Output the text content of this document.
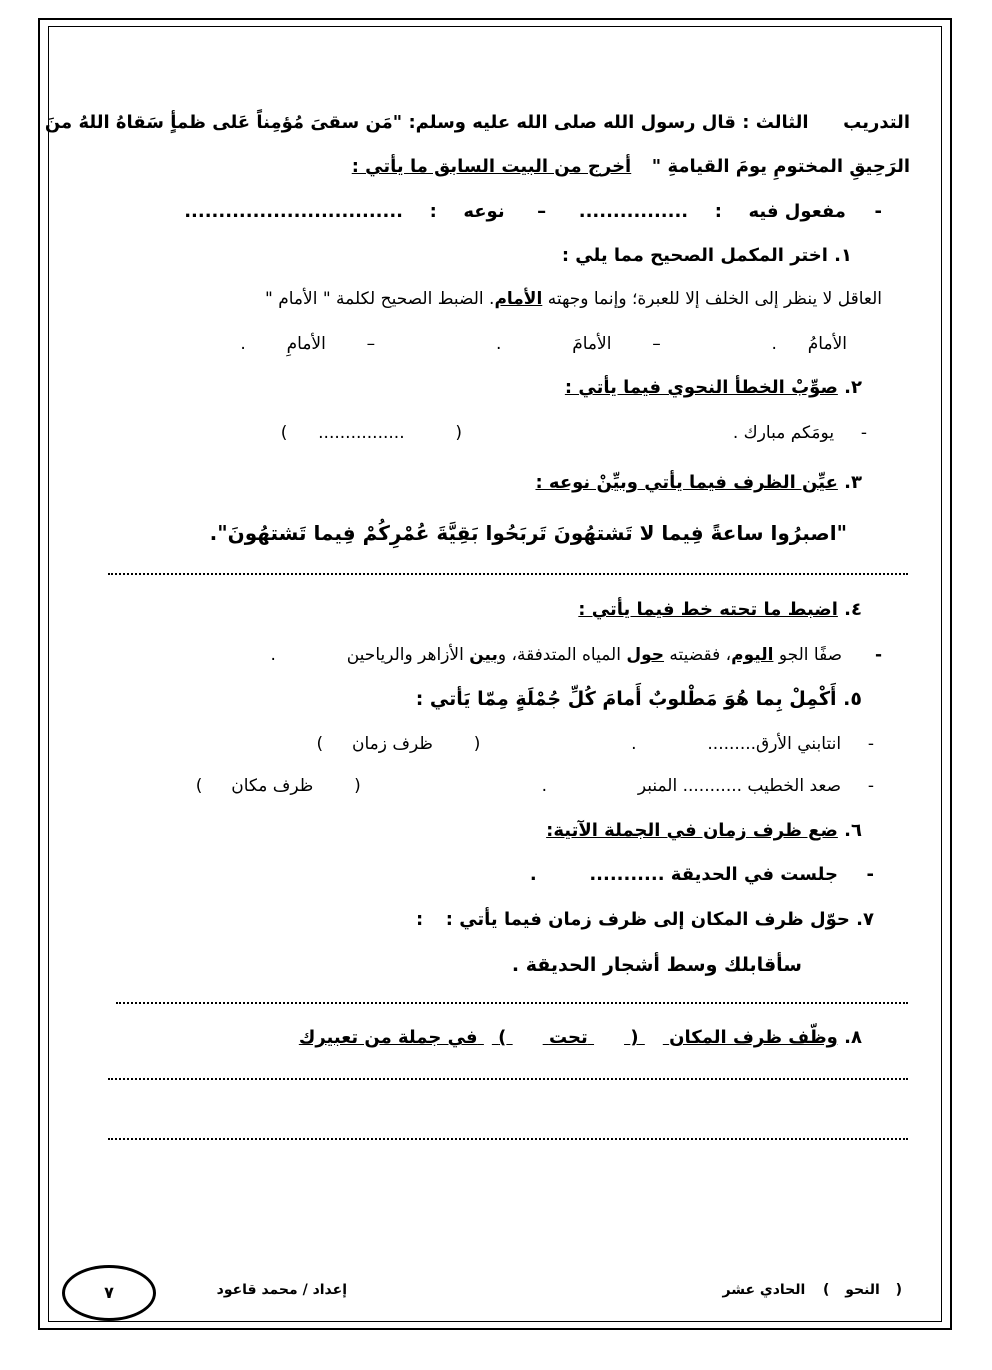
التدريب  الثالث : قال رسول الله صلى الله عليه وسلم: "مَن سقىَ مُؤمِناً عَلى ظمأٍ سَقاهُ اللهُ منَ
الرَحِيقِ المختومِ يومَ القيامةِ "  أخرج من البيت السابق ما يأتي :
-  مفعول فيه  :  ................  –  نوعه  :  ................................
١. اختر المكمل الصحيح مما يلي :
العاقل لا ينظر إلى الخلف إلا للعبرة؛ وإنما وجهته الأمام. الضبط الصحيح لكلمة " الأمام "
الأمامُ  .  –  الأمامَ  .  –  الأمامِ  .
٢. صوِّبْ الخطأ النحوي فيما يأتي :
-  يومَكم مبارك .  (  ................  )
٣. عيِّن الظرف فيما يأتي وبيِّنْ نوعه :
"اصبرُوا ساعةً فِيما لا تَشتهُونَ تَربَحُوا بَقِيَّةَ عُمْرِكُمْ فِيما تَشتهُونَ".
٤. اضبط ما تحته خط فيما يأتي :
-  صفًا الجو اليوم، فقضيته حول المياه المتدفقة، وبين الأزاهر والرياحين  .
٥. أَكْمِلْ بِما هُوَ مَطْلوبٌ أَمامَ كُلِّ جُمْلَةٍ مِمّا يَأتي :
-  انتابني الأرق.........  .  (  ظرف زمان  )
-  صعد الخطيب ........... المنبر  .  (  ظرف مكان  )
٦. ضع ظرف زمان في الجملة الآتية:
-  جلست في الحديقة ...........  .
٧. حوّل ظرف المكان إلى ظرف زمان فيما يأتي :  :
سأقابلك وسط أشجار الحديقة .
٨. وظّف ظرف المكان  (  تحت  )  في جملة من تعبيرك
(  النحو  )  الحادي عشر
إعداد / محمد قاعود
٧
